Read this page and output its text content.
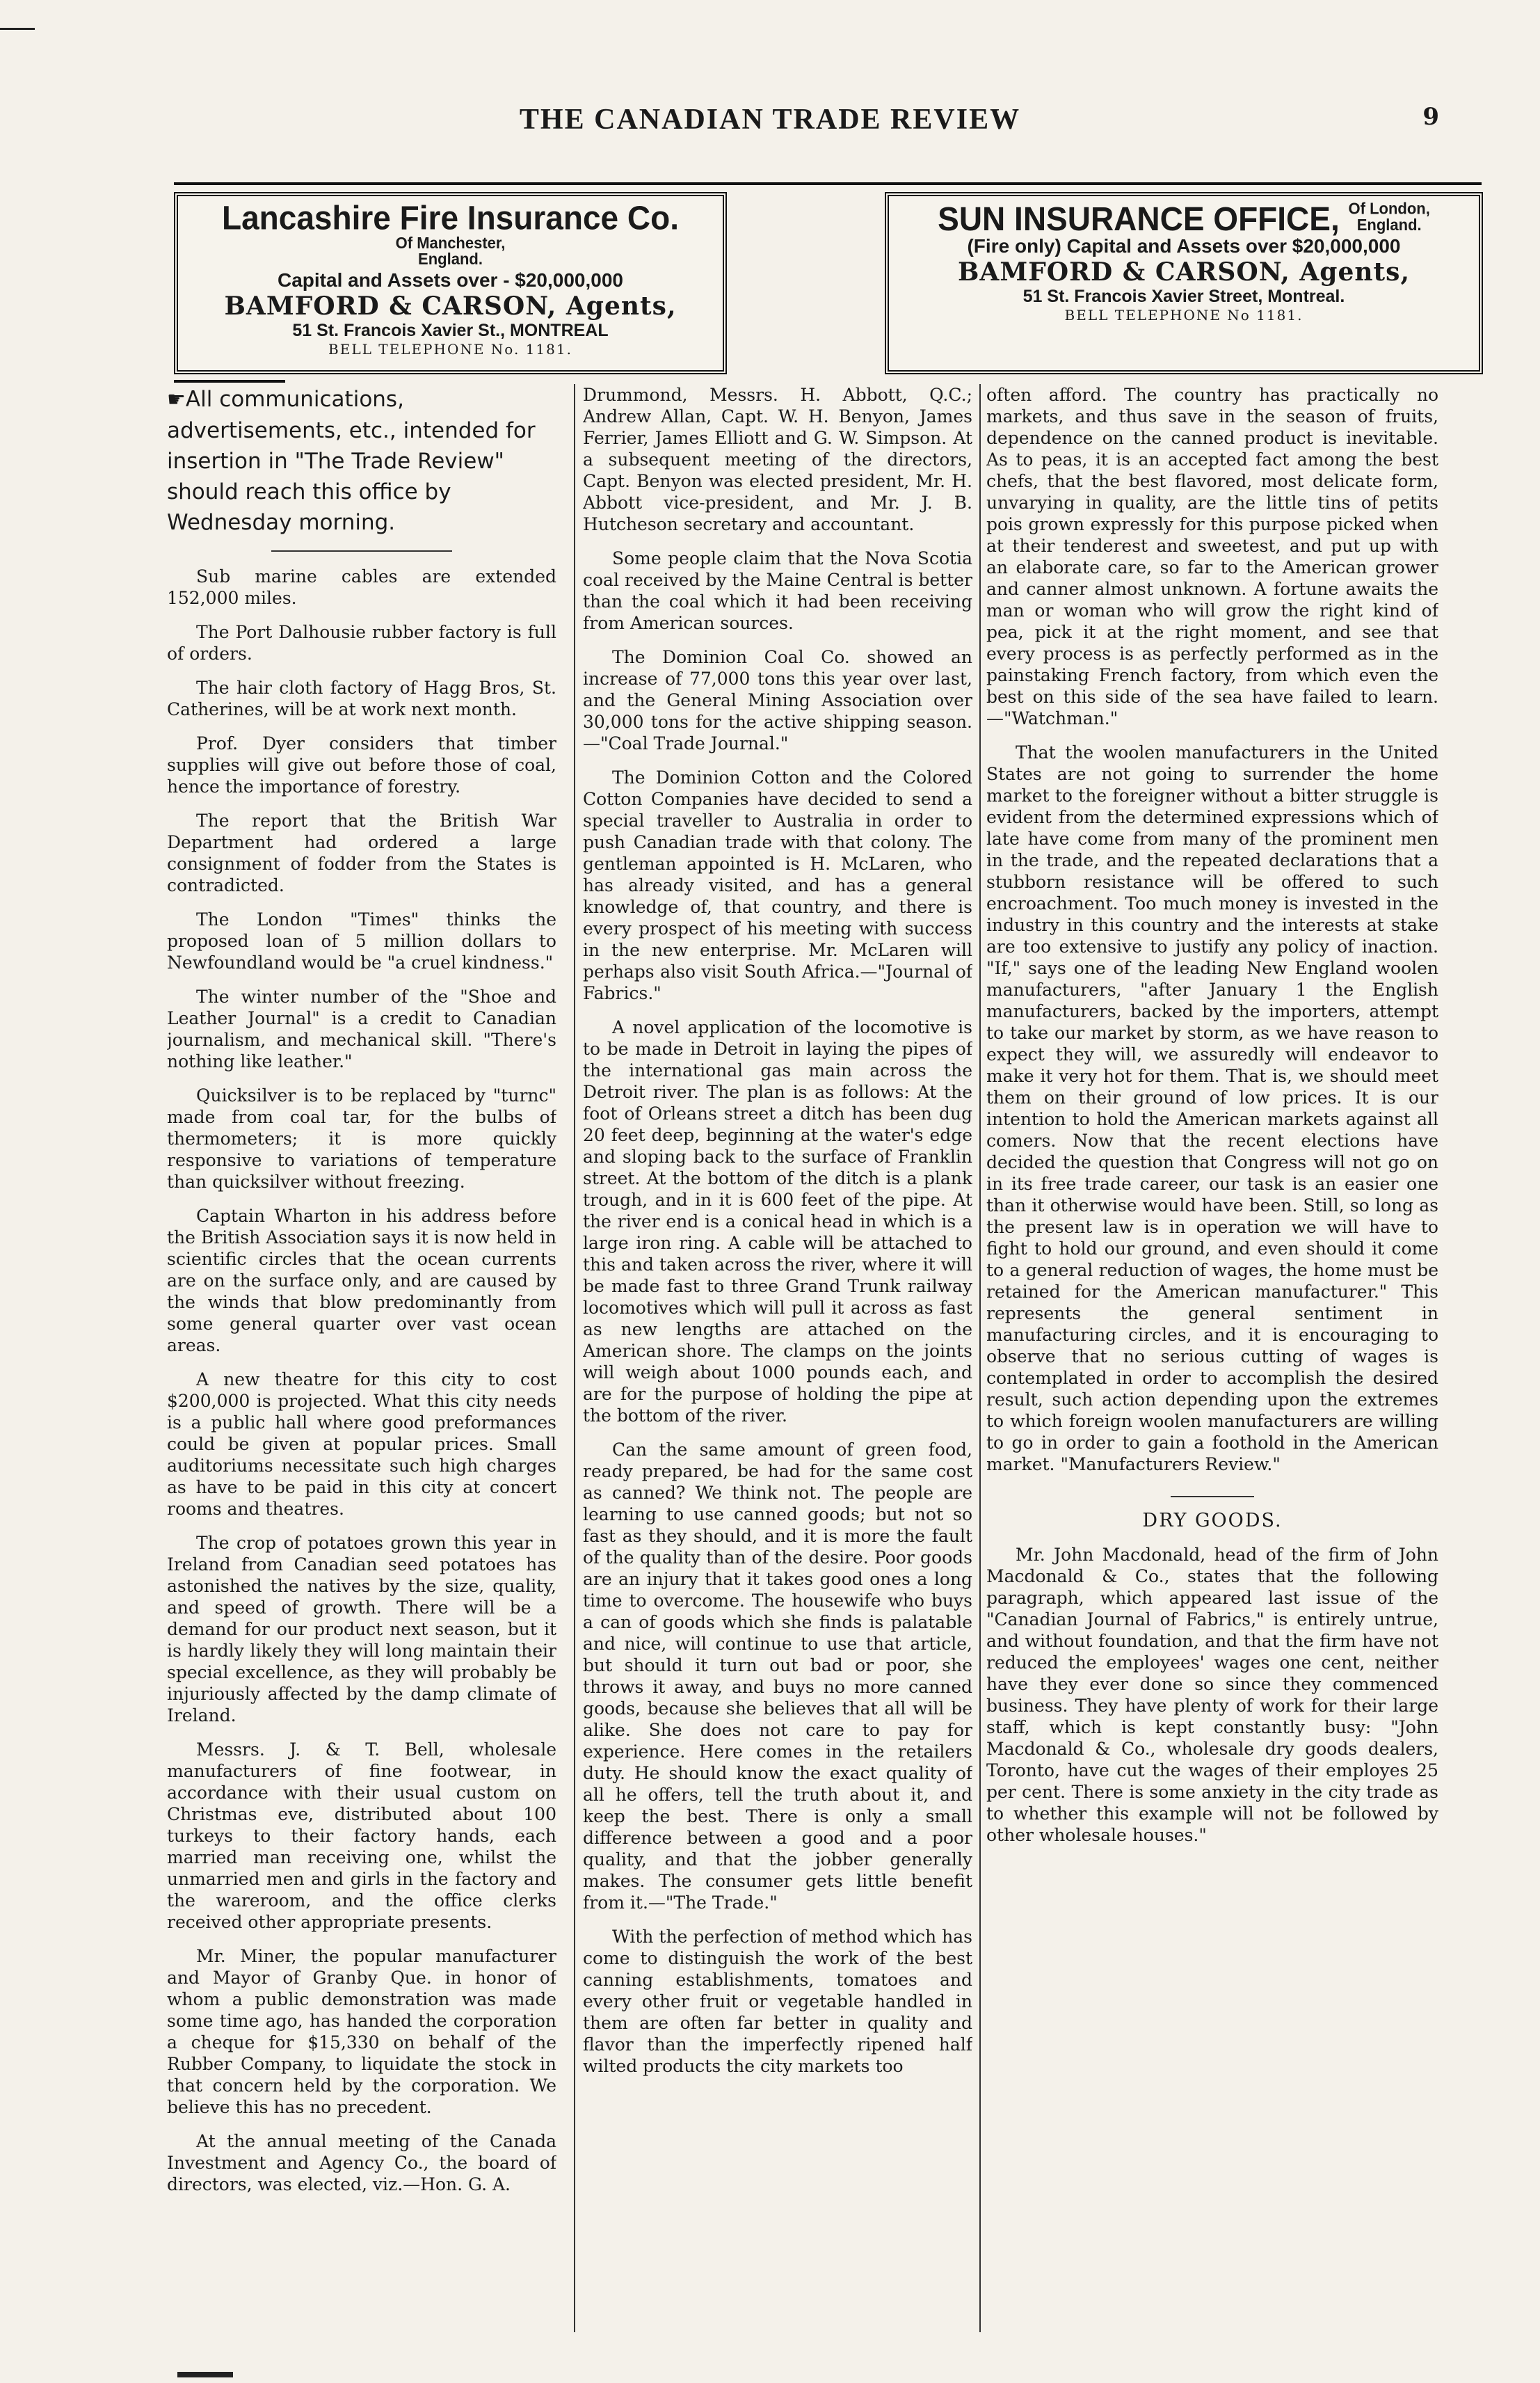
THE CANADIAN TRADE REVIEW	9
Lancashire Fire Insurance Co. Of Manchester,
England.
Capital and Assets over - $20,000,000
BAMFORD & CARSON, Agents,
51 St. Francois Xavier St., MONTREAL
BELL TELEPHONE No. 1181.
SUN INSURANCE OFFICE, Of London,
England.
(Fire only) Capital and Assets over $20,000,000
BAMFORD & CARSON, Agents,
51 St. Francois Xavier Street, Montreal.
BELL TELEPHONE No 1181.

☛All communications, advertisements, etc., intended for insertion in "The Trade Review" should reach this office by Wednesday morning.

Sub marine cables are extended 152,000 miles.

The Port Dalhousie rubber factory is full of orders.

The hair cloth factory of Hagg Bros, St. Catherines, will be at work next month.

Prof. Dyer considers that timber supplies will give out before those of coal, hence the importance of forestry.

The report that the British War Department had ordered a large consignment of fodder from the States is contradicted.

The London "Times" thinks the proposed loan of 5 million dollars to Newfoundland would be "a cruel kindness."

The winter number of the "Shoe and Leather Journal" is a credit to Canadian journalism, and mechanical skill. "There's nothing like leather."

Quicksilver is to be replaced by "turnc" made from coal tar, for the bulbs of thermometers; it is more quickly responsive to variations of temperature than quicksilver without freezing.

Captain Wharton in his address before the British Association says it is now held in scientific circles that the ocean currents are on the surface only, and are caused by the winds that blow predominantly from some general quarter over vast ocean areas.

A new theatre for this city to cost $200,000 is projected. What this city needs is a public hall where good preformances could be given at popular prices. Small auditoriums necessitate such high charges as have to be paid in this city at concert rooms and theatres.

The crop of potatoes grown this year in Ireland from Canadian seed potatoes has astonished the natives by the size, quality, and speed of growth. There will be a demand for our product next season, but it is hardly likely they will long maintain their special excellence, as they will probably be injuriously affected by the damp climate of Ireland.

Messrs. J. & T. Bell, wholesale manufacturers of fine footwear, in accordance with their usual custom on Christmas eve, distributed about 100 turkeys to their factory hands, each married man receiving one, whilst the unmarried men and girls in the factory and the wareroom, and the office clerks received other appropriate presents.

Mr. Miner, the popular manufacturer and Mayor of Granby Que. in honor of whom a public demonstration was made some time ago, has handed the corporation a cheque for $15,330 on behalf of the Rubber Company, to liquidate the stock in that concern held by the corporation. We believe this has no precedent.

At the annual meeting of the Canada Investment and Agency Co., the board of directors, was elected, viz.—Hon. G. A.

Drummond, Messrs. H. Abbott, Q.C.; Andrew Allan, Capt. W. H. Benyon, James Ferrier, James Elliott and G. W. Simpson. At a subsequent meeting of the directors, Capt. Benyon was elected president, Mr. H. Abbott vice-president, and Mr. J. B. Hutcheson secretary and accountant.

Some people claim that the Nova Scotia coal received by the Maine Central is better than the coal which it had been receiving from American sources.

The Dominion Coal Co. showed an increase of 77,000 tons this year over last, and the General Mining Association over 30,000 tons for the active shipping season. —"Coal Trade Journal."

The Dominion Cotton and the Colored Cotton Companies have decided to send a special traveller to Australia in order to push Canadian trade with that colony. The gentleman appointed is H. McLaren, who has already visited, and has a general knowledge of, that country, and there is every prospect of his meeting with success in the new enterprise. Mr. McLaren will perhaps also visit South Africa.—"Journal of Fabrics."

A novel application of the locomotive is to be made in Detroit in laying the pipes of the international gas main across the Detroit river. The plan is as follows: At the foot of Orleans street a ditch has been dug 20 feet deep, beginning at the water's edge and sloping back to the surface of Franklin street. At the bottom of the ditch is a plank trough, and in it is 600 feet of the pipe. At the river end is a conical head in which is a large iron ring. A cable will be attached to this and taken across the river, where it will be made fast to three Grand Trunk railway locomotives which will pull it across as fast as new lengths are attached on the American shore. The clamps on the joints will weigh about 1000 pounds each, and are for the purpose of holding the pipe at the bottom of the river.

Can the same amount of green food, ready prepared, be had for the same cost as canned? We think not. The people are learning to use canned goods; but not so fast as they should, and it is more the fault of the quality than of the desire. Poor goods are an injury that it takes good ones a long time to overcome. The housewife who buys a can of goods which she finds is palatable and nice, will continue to use that article, but should it turn out bad or poor, she throws it away, and buys no more canned goods, because she believes that all will be alike. She does not care to pay for experience. Here comes in the retailers duty. He should know the exact quality of all he offers, tell the truth about it, and keep the best. There is only a small difference between a good and a poor quality, and that the jobber generally makes. The consumer gets little benefit from it.—"The Trade."

With the perfection of method which has come to distinguish the work of the best canning establishments, tomatoes and every other fruit or vegetable handled in them are often far better in quality and flavor than the imperfectly ripened half wilted products the city markets too

often afford. The country has practically no markets, and thus save in the season of fruits, dependence on the canned product is inevitable. As to peas, it is an accepted fact among the best chefs, that the best flavored, most delicate form, unvarying in quality, are the little tins of petits pois grown expressly for this purpose picked when at their tenderest and sweetest, and put up with an elaborate care, so far to the American grower and canner almost unknown. A fortune awaits the man or woman who will grow the right kind of pea, pick it at the right moment, and see that every process is as perfectly performed as in the painstaking French factory, from which even the best on this side of the sea have failed to learn.—"Watchman."

That the woolen manufacturers in the United States are not going to surrender the home market to the foreigner without a bitter struggle is evident from the determined expressions which of late have come from many of the prominent men in the trade, and the repeated declarations that a stubborn resistance will be offered to such encroachment. Too much money is invested in the industry in this country and the interests at stake are too extensive to justify any policy of inaction. "If," says one of the leading New England woolen manufacturers, "after January 1 the English manufacturers, backed by the importers, attempt to take our market by storm, as we have reason to expect they will, we assuredly will endeavor to make it very hot for them. That is, we should meet them on their ground of low prices. It is our intention to hold the American markets against all comers. Now that the recent elections have decided the question that Congress will not go on in its free trade career, our task is an easier one than it otherwise would have been. Still, so long as the present law is in operation we will have to fight to hold our ground, and even should it come to a general reduction of wages, the home must be retained for the American manufacturer." This represents the general sentiment in manufacturing circles, and it is encouraging to observe that no serious cutting of wages is contemplated in order to accomplish the desired result, such action depending upon the extremes to which foreign woolen manufacturers are willing to go in order to gain a foothold in the American market. "Manufacturers Review."

DRY GOODS.

Mr. John Macdonald, head of the firm of John Macdonald & Co., states that the following paragraph, which appeared last issue of the "Canadian Journal of Fabrics," is entirely untrue, and without foundation, and that the firm have not reduced the employees' wages one cent, neither have they ever done so since they commenced business. They have plenty of work for their large staff, which is kept constantly busy: "John Macdonald & Co., wholesale dry goods dealers, Toronto, have cut the wages of their employes 25 per cent. There is some anxiety in the city trade as to whether this example will not be followed by other wholesale houses."
